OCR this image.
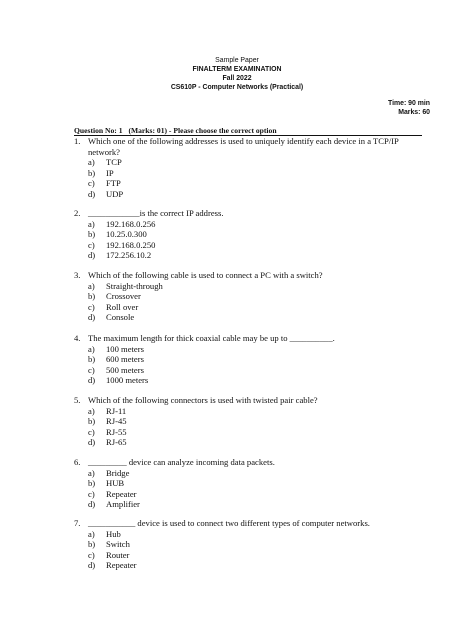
Sample Paper
FINALTERM EXAMINATION
Fall 2022
CS610P - Computer Networks (Practical)
Time: 90 min
Marks: 60
Question No: 1 (Marks: 01) - Please choose the correct option
1. Which one of the following addresses is used to uniquely identify each device in a TCP/IP network?
a)	TCP
b)	IP
c)	FTP
d)	UDP
2. ____________is the correct IP address.
a)	192.168.0.256
b)	10.25.0.300
c)	192.168.0.250
d)	172.256.10.2
3. Which of the following cable is used to connect a PC with a switch?
a)	Straight-through
b)	Crossover
c)	Roll over
d)	Console
4. The maximum length for thick coaxial cable may be up to __________.
a)	100 meters
b)	600 meters
c)	500 meters
d)	1000 meters
5. Which of the following connectors is used with twisted pair cable?
a)	RJ-11
b)	RJ-45
c)	RJ-55
d)	RJ-65
6. _________ device can analyze incoming data packets.
a)	Bridge
b)	HUB
c)	Repeater
d)	Amplifier
7. ___________ device is used to connect two different types of computer networks.
a)	Hub
b)	Switch
c)	Router
d)	Repeater
